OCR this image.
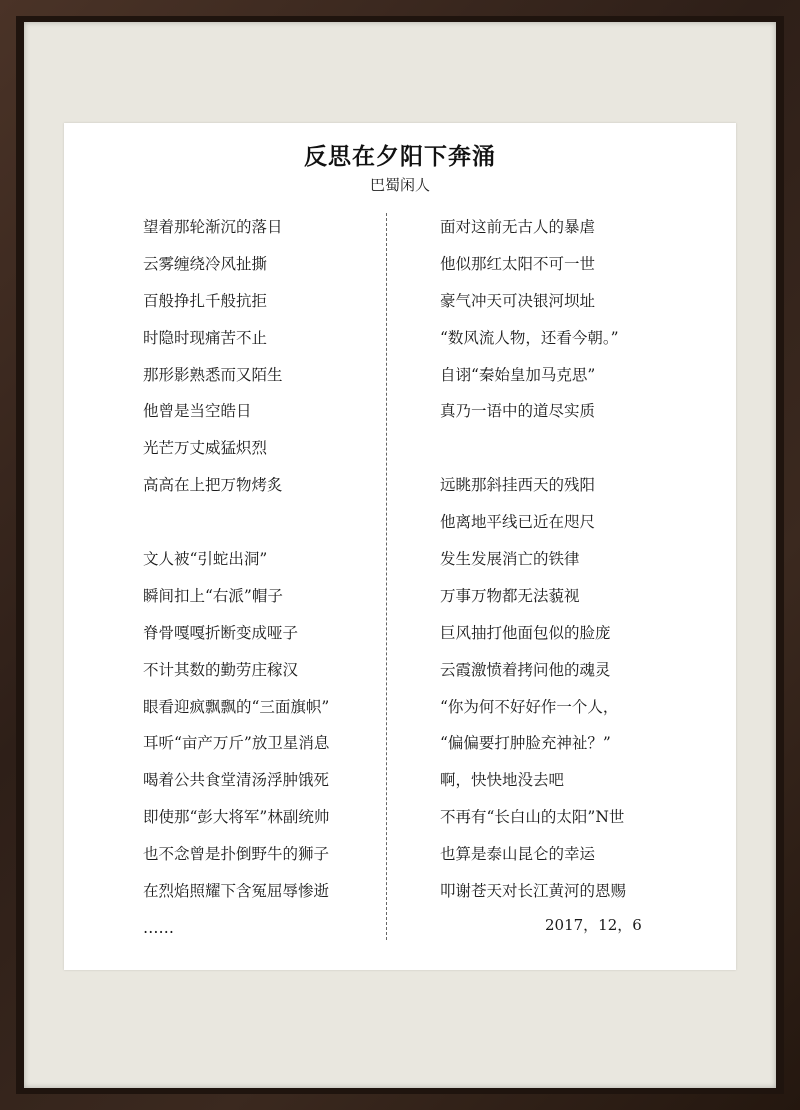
反思在夕阳下奔涌
巴蜀闲人
望着那轮渐沉的落日
云雾缠绕冷风扯撕
百般挣扎千般抗拒
时隐时现痛苦不止
那形影熟悉而又陌生
他曾是当空皓日
光芒万丈威猛炽烈
高高在上把万物烤炙
文人被“引蛇出洞”
瞬间扣上“右派”帽子
脊骨嘎嘎折断变成哑子
不计其数的勤劳庄稼汉
眼看迎疯飘飘的“三面旗帜”
耳听“亩产万斤”放卫星消息
喝着公共食堂清汤浮肿饿死
即使那“彭大将军”林副统帅
也不念曾是扑倒野牛的狮子
在烈焰照耀下含冤屈辱惨逝
……
面对这前无古人的暴虐
他似那红太阳不可一世
豪气冲天可决银河坝址
“数风流人物，还看今朝。”
自诩“秦始皇加马克思”
真乃一语中的道尽实质
远眺那斜挂西天的残阳
他离地平线已近在咫尺
发生发展消亡的铁律
万事万物都无法藐视
巨风抽打他面包似的脸庞
云霞激愤着拷问他的魂灵
“你为何不好好作一个人，
“偏偏要打肿脸充神祉？”
啊，快快地没去吧
不再有“长白山的太阳”N世
也算是泰山昆仑的幸运
叩谢苍天对长江黄河的恩赐
2017，12，6
